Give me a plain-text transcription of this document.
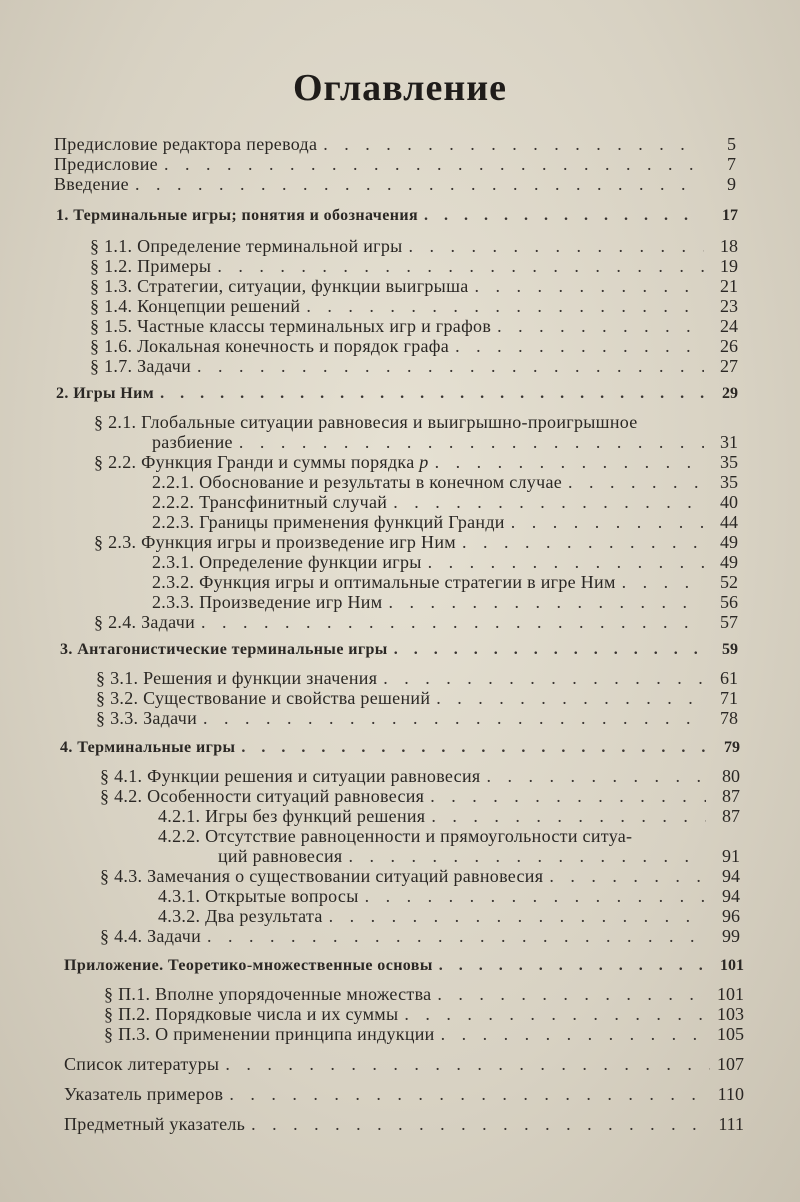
Оглавление
Предисловие редактора перевода . . .	5
Предисловие . . .	7
Введение . . .	9
1. Терминальные игры; понятия и обозначения . . .	17
§ 1.1. Определение терминальной игры . . .	18
§ 1.2. Примеры . . .	19
§ 1.3. Стратегии, ситуации, функции выигрыша . . .	21
§ 1.4. Концепции решений . . .	23
§ 1.5. Частные классы терминальных игр и графов . . .	24
§ 1.6. Локальная конечность и порядок графа . . .	26
§ 1.7. Задачи . . .	27
2. Игры Ним . . .	29
§ 2.1. Глобальные ситуации равновесия и выигрышно-проигрышное
разбиение . . .	31
§ 2.2. Функция Гранди и суммы порядка p . . .	35
2.2.1. Обоснование и результаты в конечном случае . . .	35
2.2.2. Трансфинитный случай . . .	40
2.2.3. Границы применения функций Гранди . . .	44
§ 2.3. Функция игры и произведение игр Ним . . .	49
2.3.1. Определение функции игры . . .	49
2.3.2. Функция игры и оптимальные стратегии в игре Ним . . .	52
2.3.3. Произведение игр Ним . . .	56
§ 2.4. Задачи . . .	57
3. Антагонистические терминальные игры . . .	59
§ 3.1. Решения и функции значения . . .	61
§ 3.2. Существование и свойства решений . . .	71
§ 3.3. Задачи . . .	78
4. Терминальные игры . . .	79
§ 4.1. Функции решения и ситуации равновесия . . .	80
§ 4.2. Особенности ситуаций равновесия . . .	87
4.2.1. Игры без функций решения . . .	87
4.2.2. Отсутствие равноценности и прямоугольности ситуа-
ций равновесия . . .	91
§ 4.3. Замечания о существовании ситуаций равновесия . . .	94
4.3.1. Открытые вопросы . . .	94
4.3.2. Два результата . . .	96
§ 4.4. Задачи . . .	99
Приложение. Теоретико-множественные основы . . .	101
§ П.1. Вполне упорядоченные множества . . .	101
§ П.2. Порядковые числа и их суммы . . .	103
§ П.3. О применении принципа индукции . . .	105
Список литературы . . .	107
Указатель примеров . . .	110
Предметный указатель . . .	111
